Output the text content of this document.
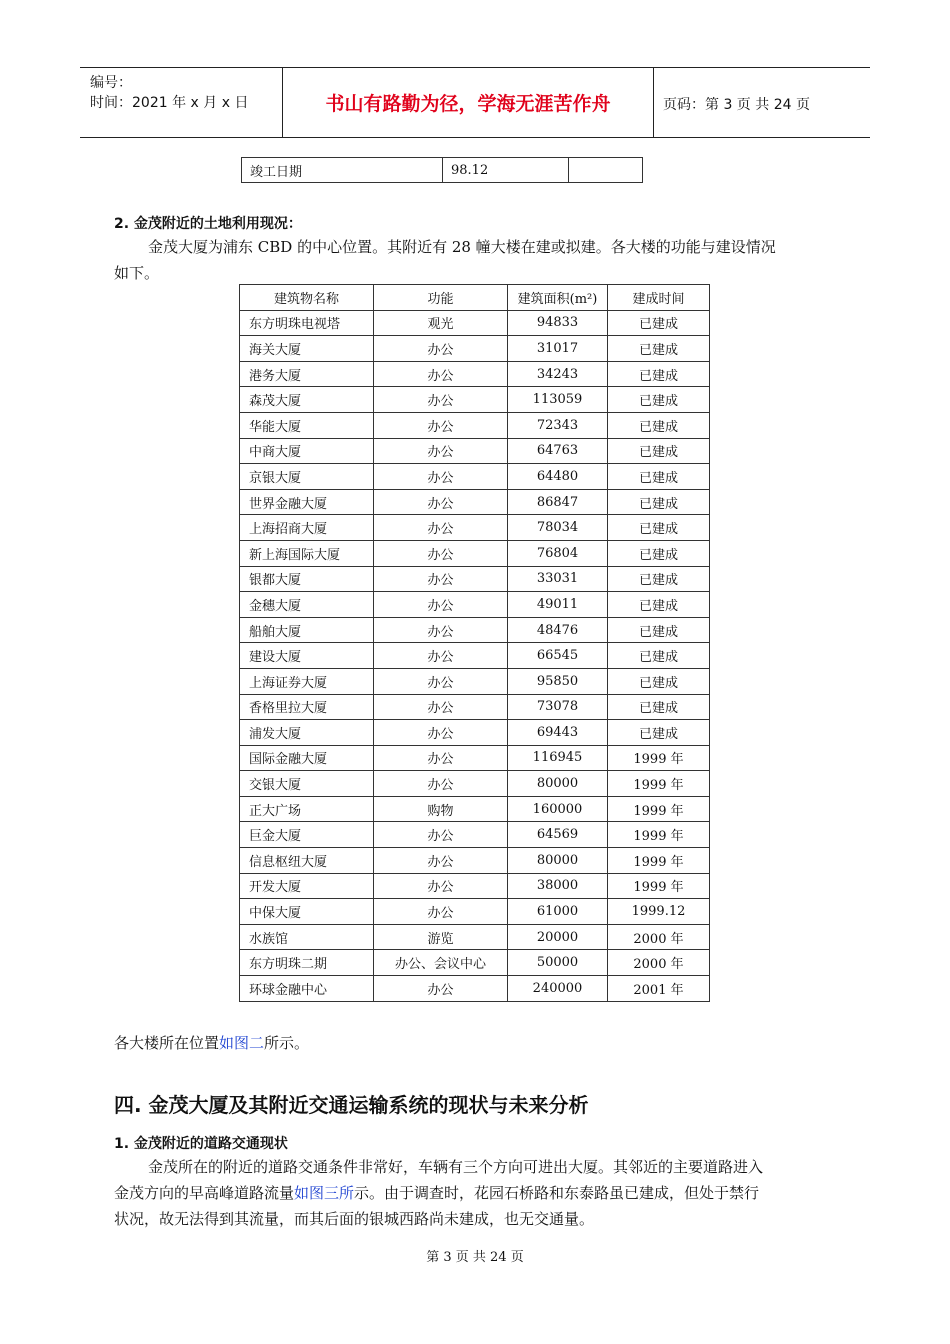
编号：
时间：2021 年 x 月 x 日	书山有路勤为径，学海无涯苦作舟	页码：第 3 页 共 24 页
竣工日期	98.12	
2. 金茂附近的土地利用现况：
金茂大厦为浦东 CBD 的中心位置。其附近有 28 幢大楼在建或拟建。各大楼的功能与建设情况
如下。
建筑物名称	功能	建筑面积(m²)	建成时间
东方明珠电视塔	观光	94833	已建成
海关大厦	办公	31017	已建成
港务大厦	办公	34243	已建成
森茂大厦	办公	113059	已建成
华能大厦	办公	72343	已建成
中商大厦	办公	64763	已建成
京银大厦	办公	64480	已建成
世界金融大厦	办公	86847	已建成
上海招商大厦	办公	78034	已建成
新上海国际大厦	办公	76804	已建成
银都大厦	办公	33031	已建成
金穗大厦	办公	49011	已建成
船舶大厦	办公	48476	已建成
建设大厦	办公	66545	已建成
上海证券大厦	办公	95850	已建成
香格里拉大厦	办公	73078	已建成
浦发大厦	办公	69443	已建成
国际金融大厦	办公	116945	1999 年
交银大厦	办公	80000	1999 年
正大广场	购物	160000	1999 年
巨金大厦	办公	64569	1999 年
信息枢纽大厦	办公	80000	1999 年
开发大厦	办公	38000	1999 年
中保大厦	办公	61000	1999.12
水族馆	游览	20000	2000 年
东方明珠二期	办公、会议中心	50000	2000 年
环球金融中心	办公	240000	2001 年
各大楼所在位置如图二所示。
四. 金茂大厦及其附近交通运输系统的现状与未来分析
1. 金茂附近的道路交通现状
金茂所在的附近的道路交通条件非常好，车辆有三个方向可进出大厦。其邻近的主要道路进入
金茂方向的早高峰道路流量如图三所示。由于调查时，花园石桥路和东泰路虽已建成，但处于禁行
状况，故无法得到其流量，而其后面的银城西路尚未建成，也无交通量。
第 3 页 共 24 页
